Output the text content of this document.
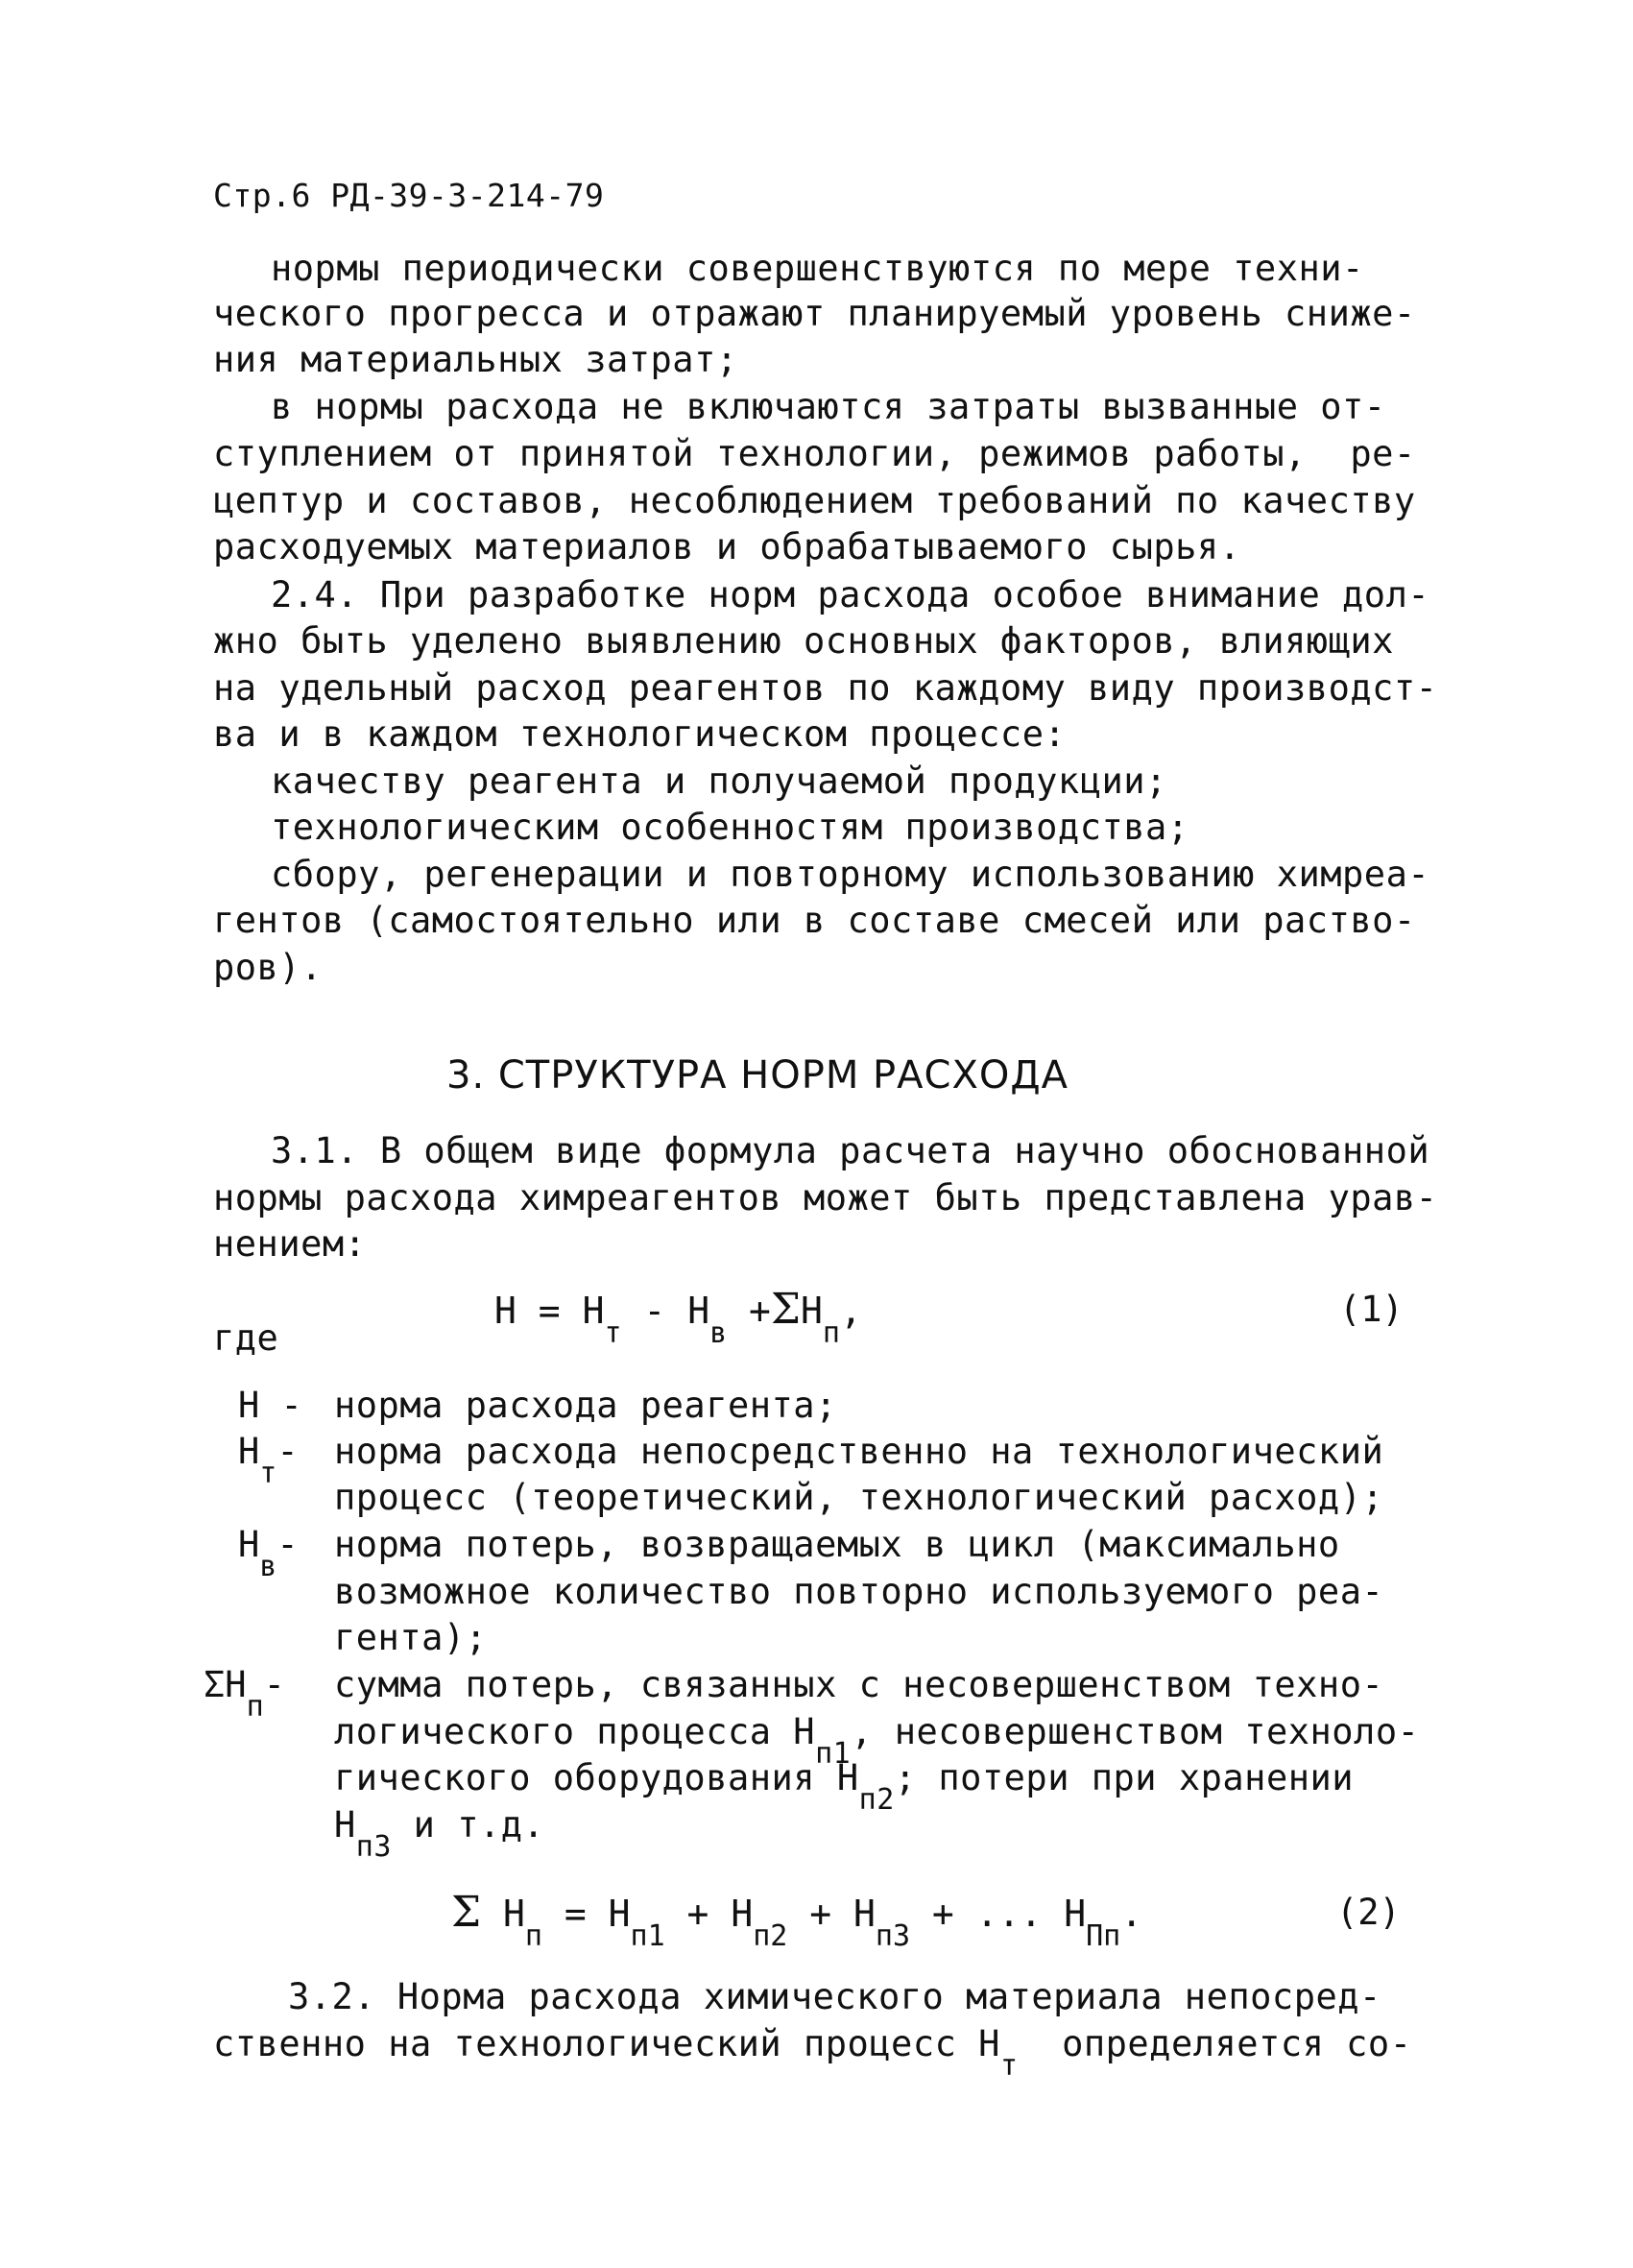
Стр.6 РД-39-3-214-79
нормы периодически совершенствуются по мере техни-
ческого прогресса и отражают планируемый уровень сниже-
ния материальных затрат;
в нормы расхода не включаются затраты вызванные от-
ступлением от принятой технологии, режимов работы,  ре-
цептур и составов, несоблюдением требований по качеству
расходуемых материалов и обрабатываемого сырья.
2.4. При разработке норм расхода особое внимание дол-
жно быть уделено выявлению основных факторов, влияющих
на удельный расход реагентов по каждому виду производст-
ва и в каждом технологическом процессе:
качеству реагента и получаемой продукции;
технологическим особенностям производства;
сбору, регенерации и повторному использованию химреа-
гентов (самостоятельно или в составе смесей или раство-
ров).
3. СТРУКТУРА НОРМ РАСХОДА
3.1. В общем виде формула расчета научно обоснованной
нормы расхода химреагентов может быть представлена урав-
нением:
где
$Н = Н_т - Н_в +\Sigma Н_п$,	(1)
Н - норма расхода реагента;
$Н_т-$ норма расхода непосредственно на технологический
процесс (теоретический, технологический расход);
$Н_в-$ норма потерь, возвращаемых в цикл (максимально
возможное количество повторно используемого реа-
гента);
$\Sigma Н_п-$ сумма потерь, связанных с несовершенством техно-
логического процесса $Н_{п1}$, несовершенством техноло-
гического оборудования $Н_{п2}$; потери при хранении
$Н_{п3}$ и т.д.
Σ $Н_п = Н_{п1} + Н_{п2} + Н_{п3}$ + ... $Н_{Пп}$.	(2)
3.2. Норма расхода химического материала непосред-
ственно на технологический процесс $Н_т$  определяется со-
